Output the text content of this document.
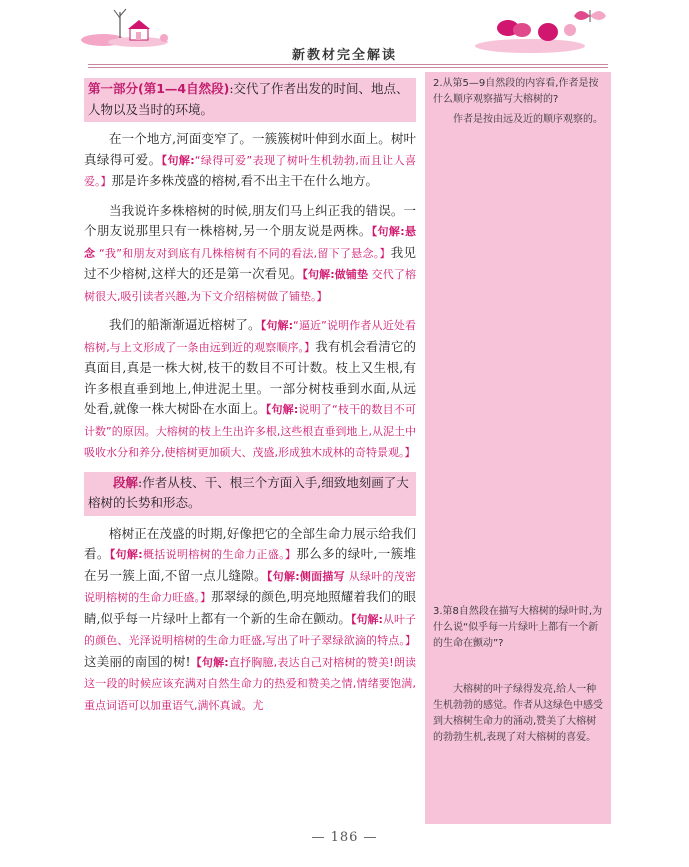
新教材完全解读
第一部分(第1—4自然段):交代了作者出发的时间、地点、人物以及当时的环境。

在一个地方,河面变窄了。一簇簇树叶伸到水面上。树叶真绿得可爱。【句解:“绿得可爱”表现了树叶生机勃勃,而且让人喜爱。】那是许多株茂盛的榕树,看不出主干在什么地方。

当我说许多株榕树的时候,朋友们马上纠正我的错误。一个朋友说那里只有一株榕树,另一个朋友说是两株。【句解:悬念 “我”和朋友对到底有几株榕树有不同的看法,留下了悬念。】我见过不少榕树,这样大的还是第一次看见。【句解:做铺垫 交代了榕树很大,吸引读者兴趣,为下文介绍榕树做了铺垫。】

我们的船渐渐逼近榕树了。【句解:“逼近”说明作者从近处看榕树,与上文形成了一条由远到近的观察顺序。】我有机会看清它的真面目,真是一株大树,枝干的数目不可计数。枝上又生根,有许多根直垂到地上,伸进泥土里。一部分树枝垂到水面,从远处看,就像一株大树卧在水面上。【句解:说明了“枝干的数目不可计数”的原因。大榕树的枝上生出许多根,这些根直垂到地上,从泥土中吸收水分和养分,使榕树更加硕大、茂盛,形成独木成林的奇特景观。】

段解:作者从枝、干、根三个方面入手,细致地刻画了大榕树的长势和形态。

榕树正在茂盛的时期,好像把它的全部生命力展示给我们看。【句解:概括说明榕树的生命力正盛。】那么多的绿叶,一簇堆在另一簇上面,不留一点儿缝隙。【句解:侧面描写 从绿叶的茂密说明榕树的生命力旺盛。】那翠绿的颜色,明亮地照耀着我们的眼睛,似乎每一片绿叶上都有一个新的生命在颤动。【句解:从叶子的颜色、光泽说明榕树的生命力旺盛,写出了叶子翠绿欲滴的特点。】这美丽的南国的树!【句解:直抒胸臆,表达自己对榕树的赞美!朗读这一段的时候应该充满对自然生命力的热爱和赞美之情,情绪要饱满,重点词语可以加重语气,满怀真诚。尤

2.从第5—9自然段的内容看,作者是按什么顺序观察描写大榕树的?
作者是按由远及近的顺序观察的。
3.第8自然段在描写大榕树的绿叶时,为什么说“似乎每一片绿叶上都有一个新的生命在颤动”?
大榕树的叶子绿得发亮,给人一种生机勃勃的感觉。作者从这绿色中感受到大榕树生命力的涌动,赞美了大榕树的勃勃生机,表现了对大榕树的喜爱。
— 186 —
